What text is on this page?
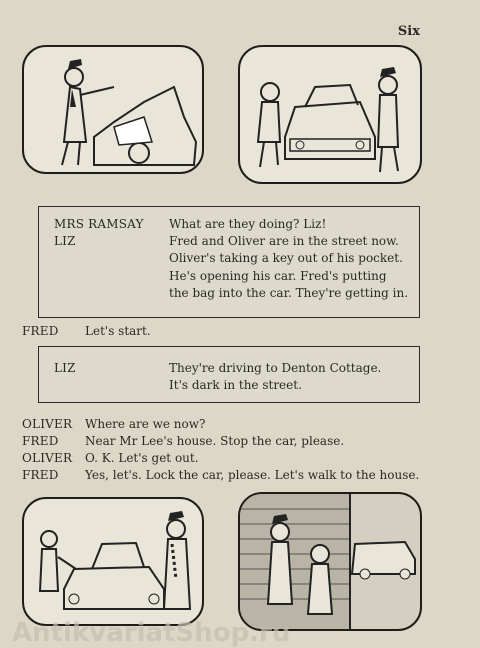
Six
MRS RAMSAY
LIZ
What are they doing? Liz!
Fred and Oliver are in the street now.
Oliver's taking a key out of his pocket.
He's opening his car. Fred's putting
the bag into the car. They're getting in.
FRED Let's start.
LIZ	They're driving to Denton Cottage.
It's dark in the street.
OLIVER Where are we now?
FRED Near Mr Lee's house. Stop the car, please.
OLIVER O. K. Let's get out.
FRED Yes, let's. Lock the car, please. Let's walk to the house.
AntikvariatShop.ru
